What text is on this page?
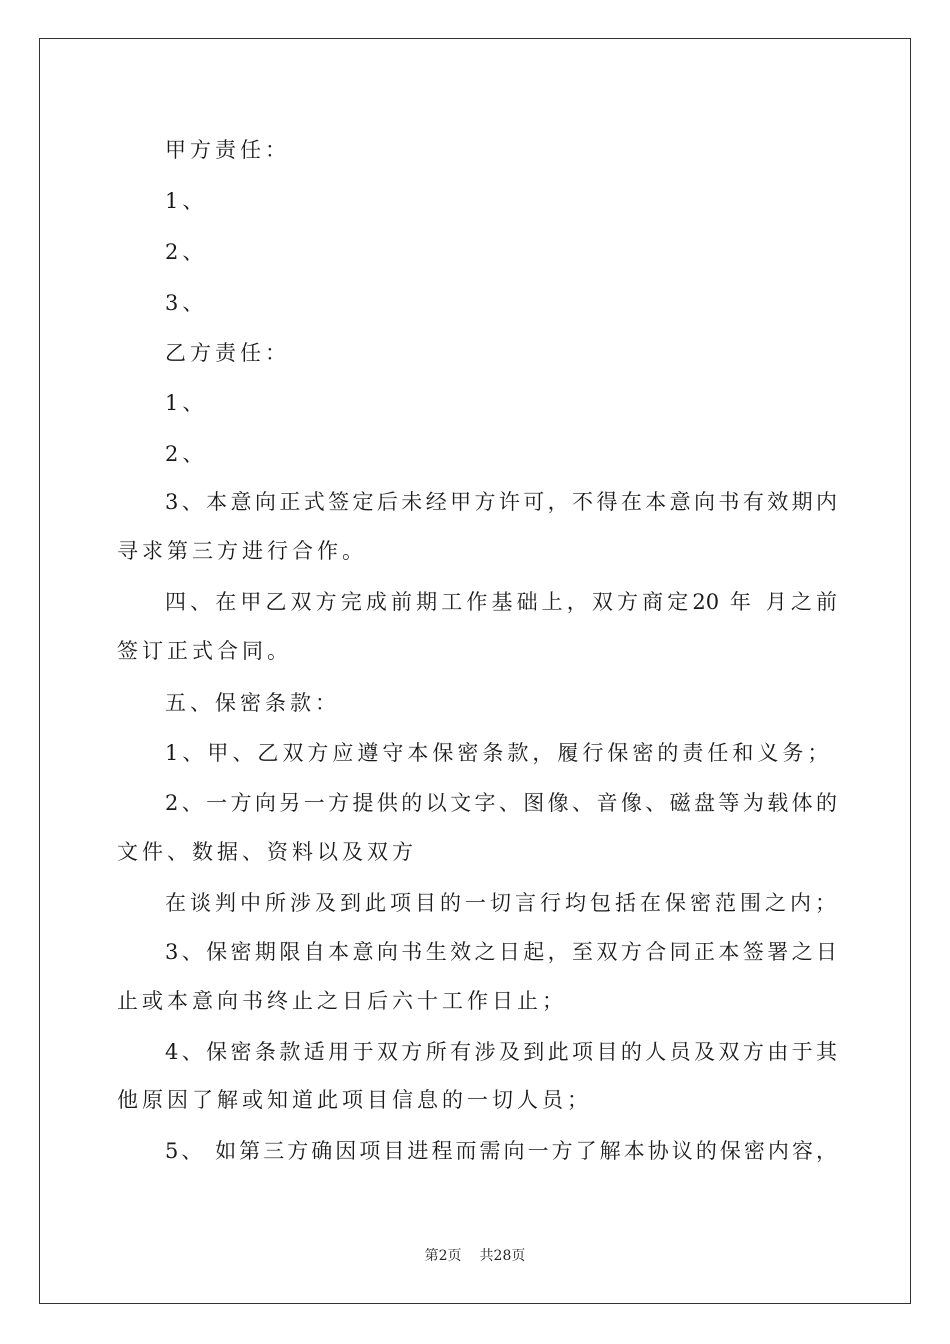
甲方责任：
1、
2、
3、
乙方责任：
1、
2、
3、本意向正式签定后未经甲方许可，不得在本意向书有效期内
寻求第三方进行合作。
四、在甲乙双方完成前期工作基础上，双方商定20 年 月之前
签订正式合同。
五、保密条款：
1、甲、乙双方应遵守本保密条款，履行保密的责任和义务；
2、一方向另一方提供的以文字、图像、音像、磁盘等为载体的
文件、数据、资料以及双方
在谈判中所涉及到此项目的一切言行均包括在保密范围之内；
3、保密期限自本意向书生效之日起，至双方合同正本签署之日
止或本意向书终止之日后六十工作日止；
4、保密条款适用于双方所有涉及到此项目的人员及双方由于其
他原因了解或知道此项目信息的一切人员；
5、 如第三方确因项目进程而需向一方了解本协议的保密内容，
第2页 共28页
